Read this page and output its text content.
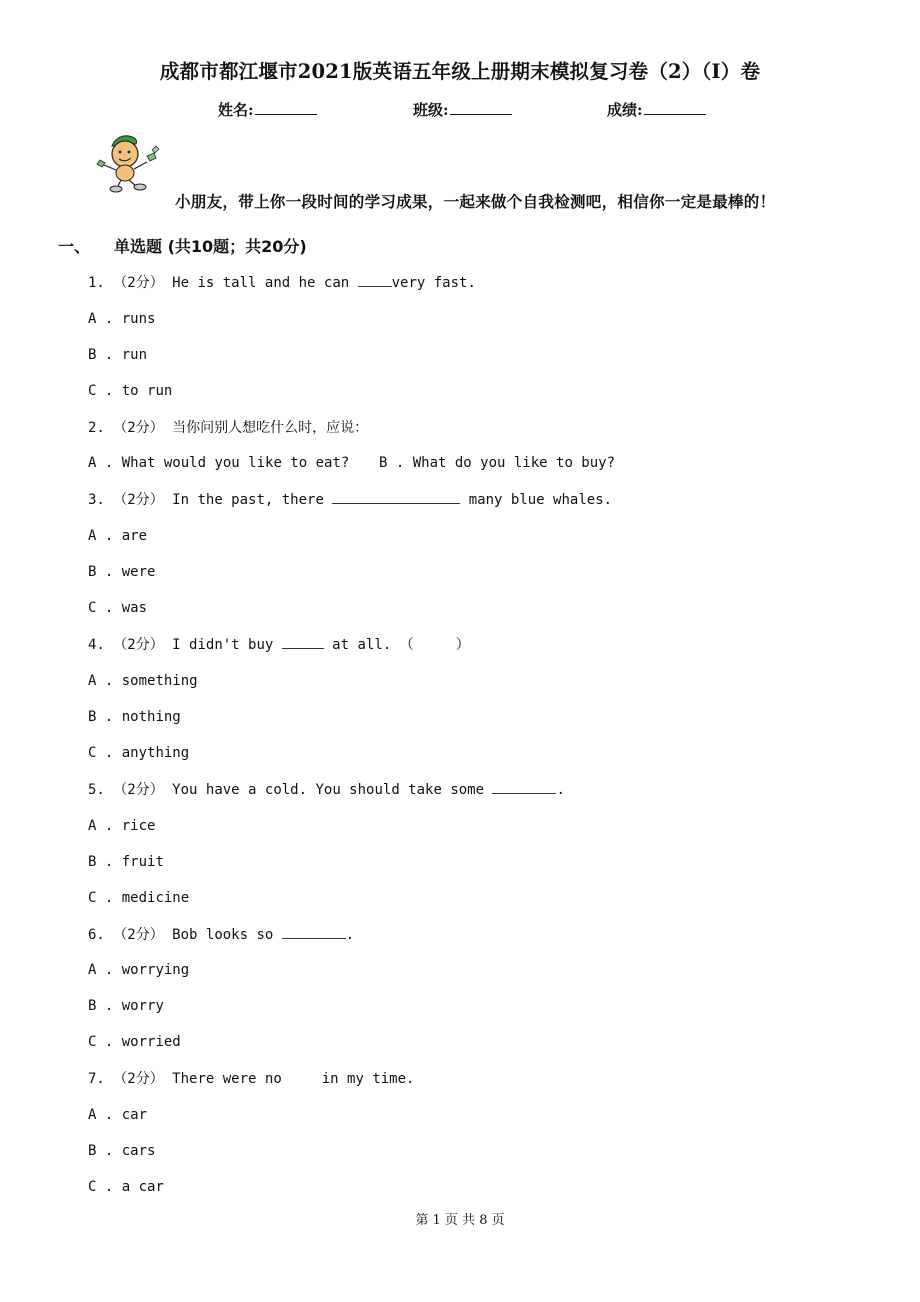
成都市都江堰市2021版英语五年级上册期末模拟复习卷（2）（I）卷
姓名:	班级:	成绩:
小朋友，带上你一段时间的学习成果，一起来做个自我检测吧，相信你一定是最棒的！
一、 单选题 (共10题；共20分)
1. （2分） He is tall and he can very fast.
A . runs
B . run
C . to run
2. （2分） 当你问别人想吃什么时，应说：
A . What would you like to eat? B . What do you like to buy?
3. （2分） In the past, there	many blue whales.
A . are
B . were
C . was
4. （2分） I didn't buy	at all. （     ）
A . something
B . nothing
C . anything
5. （2分） You have a cold. You should take some	.
A . rice
B . fruit
C . medicine
6. （2分） Bob looks so	.
A . worrying
B . worry
C . worried
7. （2分） There were no	in my time.
A . car
B . cars
C . a car
第 1 页 共 8 页
